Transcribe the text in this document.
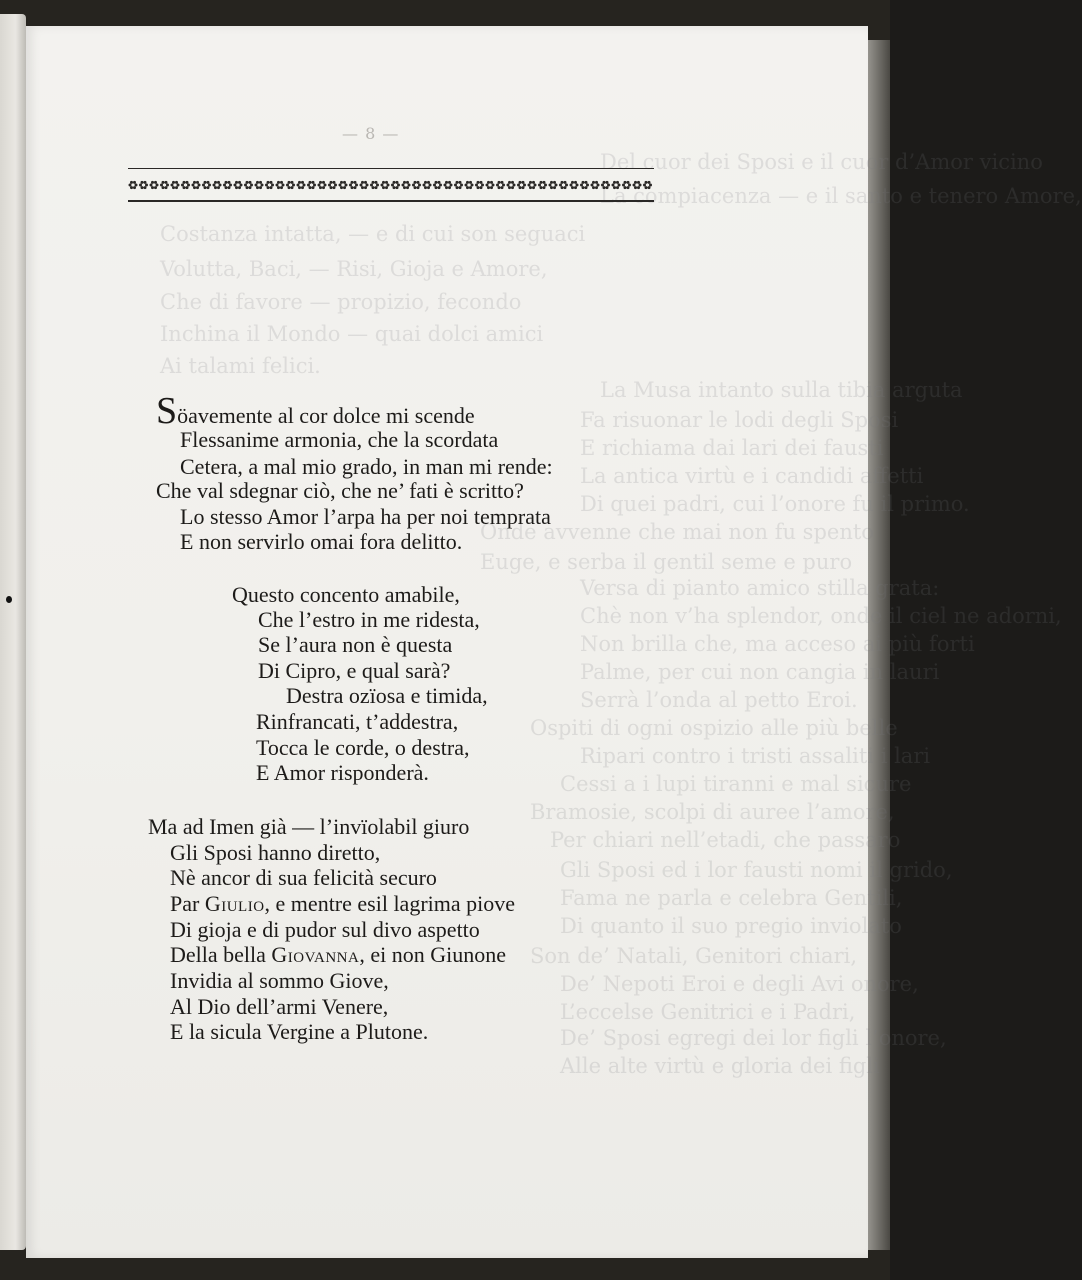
d’Amor vicino
e tenero Amore,
arguta
affetti
primo.
grata:
il ciel ne adorni,
più forti
lauri
lari
grido,
l’onore,
— 8 —
Söavemente al cor dolce mi scende
Flessanime armonia, che la scordata
Cetera, a mal mio grado, in man mi rende:
Che val sdegnar ciò, che ne’ fati è scritto?
Lo stesso Amor l’arpa ha per noi temprata
E non servirlo omai fora delitto.
Questo concento amabile,
Che l’estro in me ridesta,
Se l’aura non è questa
Di Cipro, e qual sarà?
Destra ozïosa e timida,
Rinfrancati, t’addestra,
Tocca le corde, o destra,
E Amor risponderà.
Ma ad Imen già — l’invïolabil giuro
Gli Sposi hanno diretto,
Nè ancor di sua felicità securo
Par Giulio, e mentre esil lagrima piove
Di gioja e di pudor sul divo aspetto
Della bella Giovanna, ei non Giunone
Invidia al sommo Giove,
Al Dio dell’armi Venere,
E la sicula Vergine a Plutone.
